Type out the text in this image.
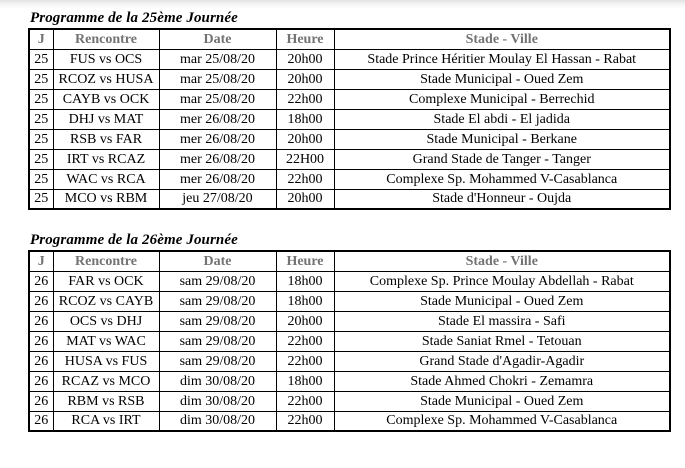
Programme de la 25ème Journée
J	Rencontre	Date	Heure	Stade - Ville
25	FUS vs OCS	mar 25/08/20	20h00	Stade Prince Héritier Moulay El Hassan - Rabat
25	RCOZ vs HUSA	mar 25/08/20	20h00	Stade Municipal - Oued Zem
25	CAYB vs OCK	mar 25/08/20	22h00	Complexe Municipal - Berrechid
25	DHJ vs MAT	mer 26/08/20	18h00	Stade El abdi - El jadida
25	RSB vs FAR	mer 26/08/20	20h00	Stade Municipal - Berkane
25	IRT vs RCAZ	mer 26/08/20	22H00	Grand Stade de Tanger - Tanger
25	WAC vs RCA	mer 26/08/20	22h00	Complexe Sp. Mohammed V-Casablanca
25	MCO vs RBM	jeu 27/08/20	20h00	Stade d'Honneur - Oujda
Programme de la 26ème Journée
J	Rencontre	Date	Heure	Stade - Ville
26	FAR vs OCK	sam 29/08/20	18h00	Complexe Sp. Prince Moulay Abdellah - Rabat
26	RCOZ vs CAYB	sam 29/08/20	18h00	Stade Municipal - Oued Zem
26	OCS vs DHJ	sam 29/08/20	20h00	Stade El massira - Safi
26	MAT vs WAC	sam 29/08/20	22h00	Stade Saniat Rmel - Tetouan
26	HUSA vs FUS	sam 29/08/20	22h00	Grand Stade d'Agadir-Agadir
26	RCAZ vs MCO	dim 30/08/20	18h00	Stade Ahmed Chokri - Zemamra
26	RBM vs RSB	dim 30/08/20	22h00	Stade Municipal - Oued Zem
26	RCA vs IRT	dim 30/08/20	22h00	Complexe Sp. Mohammed V-Casablanca
